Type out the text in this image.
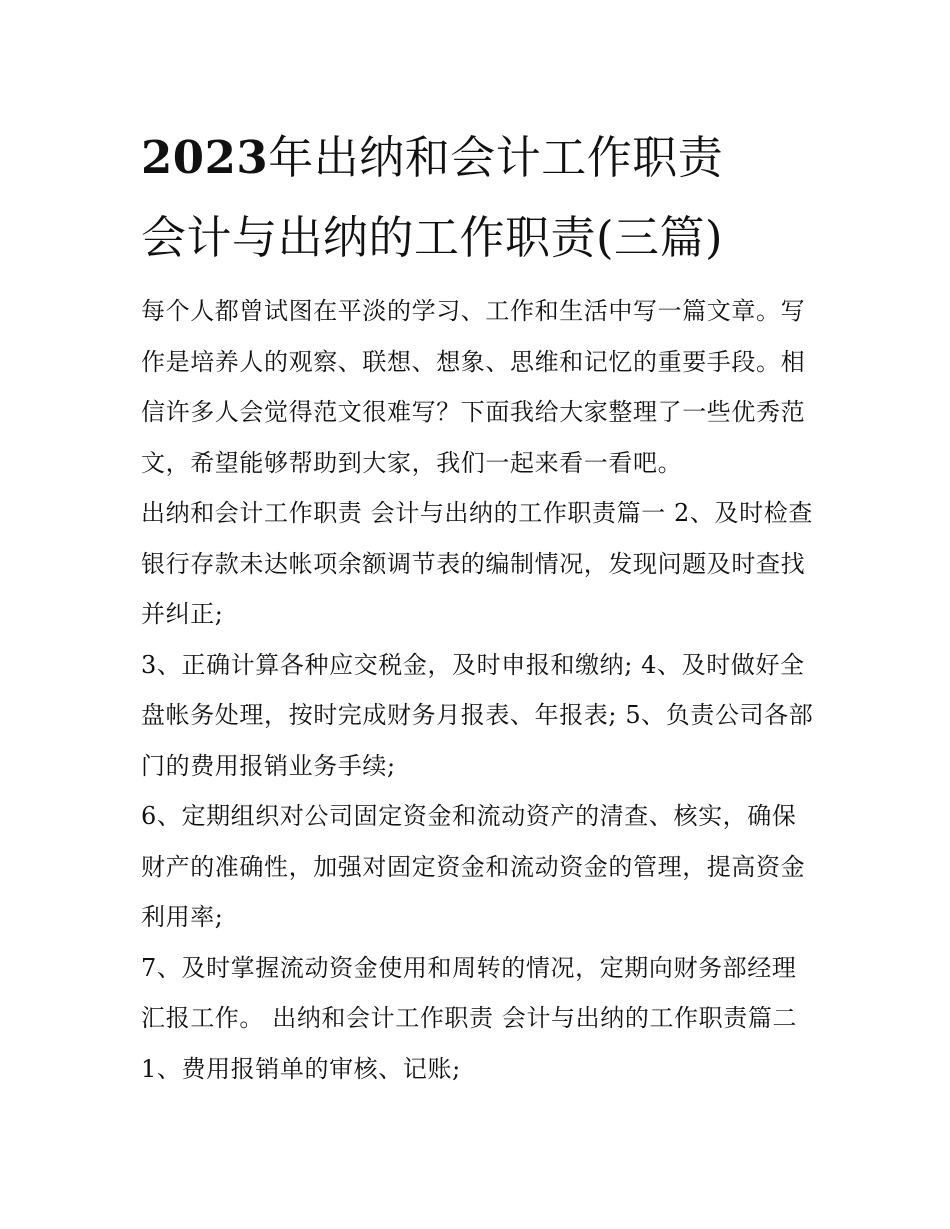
2023年出纳和会计工作职责
会计与出纳的工作职责(三篇)

每个人都曾试图在平淡的学习、工作和生活中写一篇文章。写作是培养人的观察、联想、想象、思维和记忆的重要手段。相信许多人会觉得范文很难写？下面我给大家整理了一些优秀范文，希望能够帮助到大家，我们一起来看一看吧。

出纳和会计工作职责 会计与出纳的工作职责篇一 2、及时检查银行存款未达帐项余额调节表的编制情况，发现问题及时查找并纠正;

3、正确计算各种应交税金，及时申报和缴纳; 4、及时做好全盘帐务处理，按时完成财务月报表、年报表; 5、负责公司各部门的费用报销业务手续;

6、定期组织对公司固定资金和流动资产的清查、核实，确保财产的准确性，加强对固定资金和流动资金的管理，提高资金利用率;

7、及时掌握流动资金使用和周转的情况，定期向财务部经理汇报工作。 出纳和会计工作职责 会计与出纳的工作职责篇二 1、费用报销单的审核、记账;
